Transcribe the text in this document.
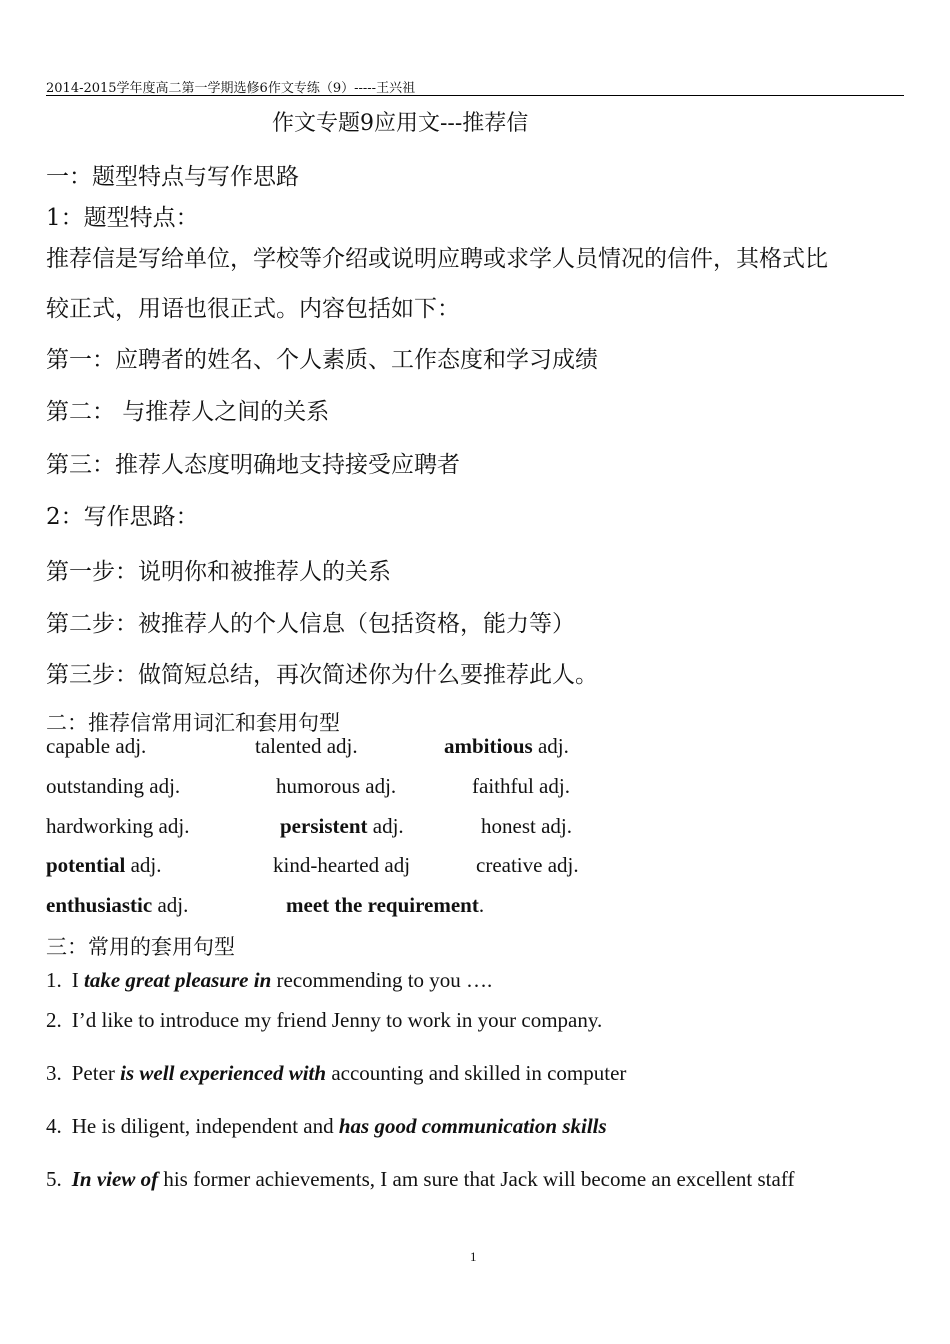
2014-2015学年度高二第一学期选修6作文专练（9）-----王兴祖
作文专题9应用文---推荐信
一：题型特点与写作思路
1：题型特点：
推荐信是写给单位，学校等介绍或说明应聘或求学人员情况的信件，其格式比
较正式，用语也很正式。内容包括如下：
第一：应聘者的姓名、个人素质、工作态度和学习成绩
第二： 与推荐人之间的关系
第三：推荐人态度明确地支持接受应聘者
2：写作思路：
第一步：说明你和被推荐人的关系
第二步：被推荐人的个人信息（包括资格，能力等）
第三步：做简短总结，再次简述你为什么要推荐此人。
二：推荐信常用词汇和套用句型
capable adj.	talented adj.	ambitious adj.
outstanding adj.	humorous adj.	faithful adj.
hardworking adj.	persistent adj.	honest adj.
potential adj.	kind-hearted adj	creative adj.
enthusiastic adj.	meet the requirement.
三：常用的套用句型
1. I take great pleasure in recommending to you ….
2. I’d like to introduce my friend Jenny to work in your company.
3. Peter is well experienced with accounting and skilled in computer
4. He is diligent, independent and has good communication skills
5. In view of his former achievements, I am sure that Jack will become an excellent staff
1
